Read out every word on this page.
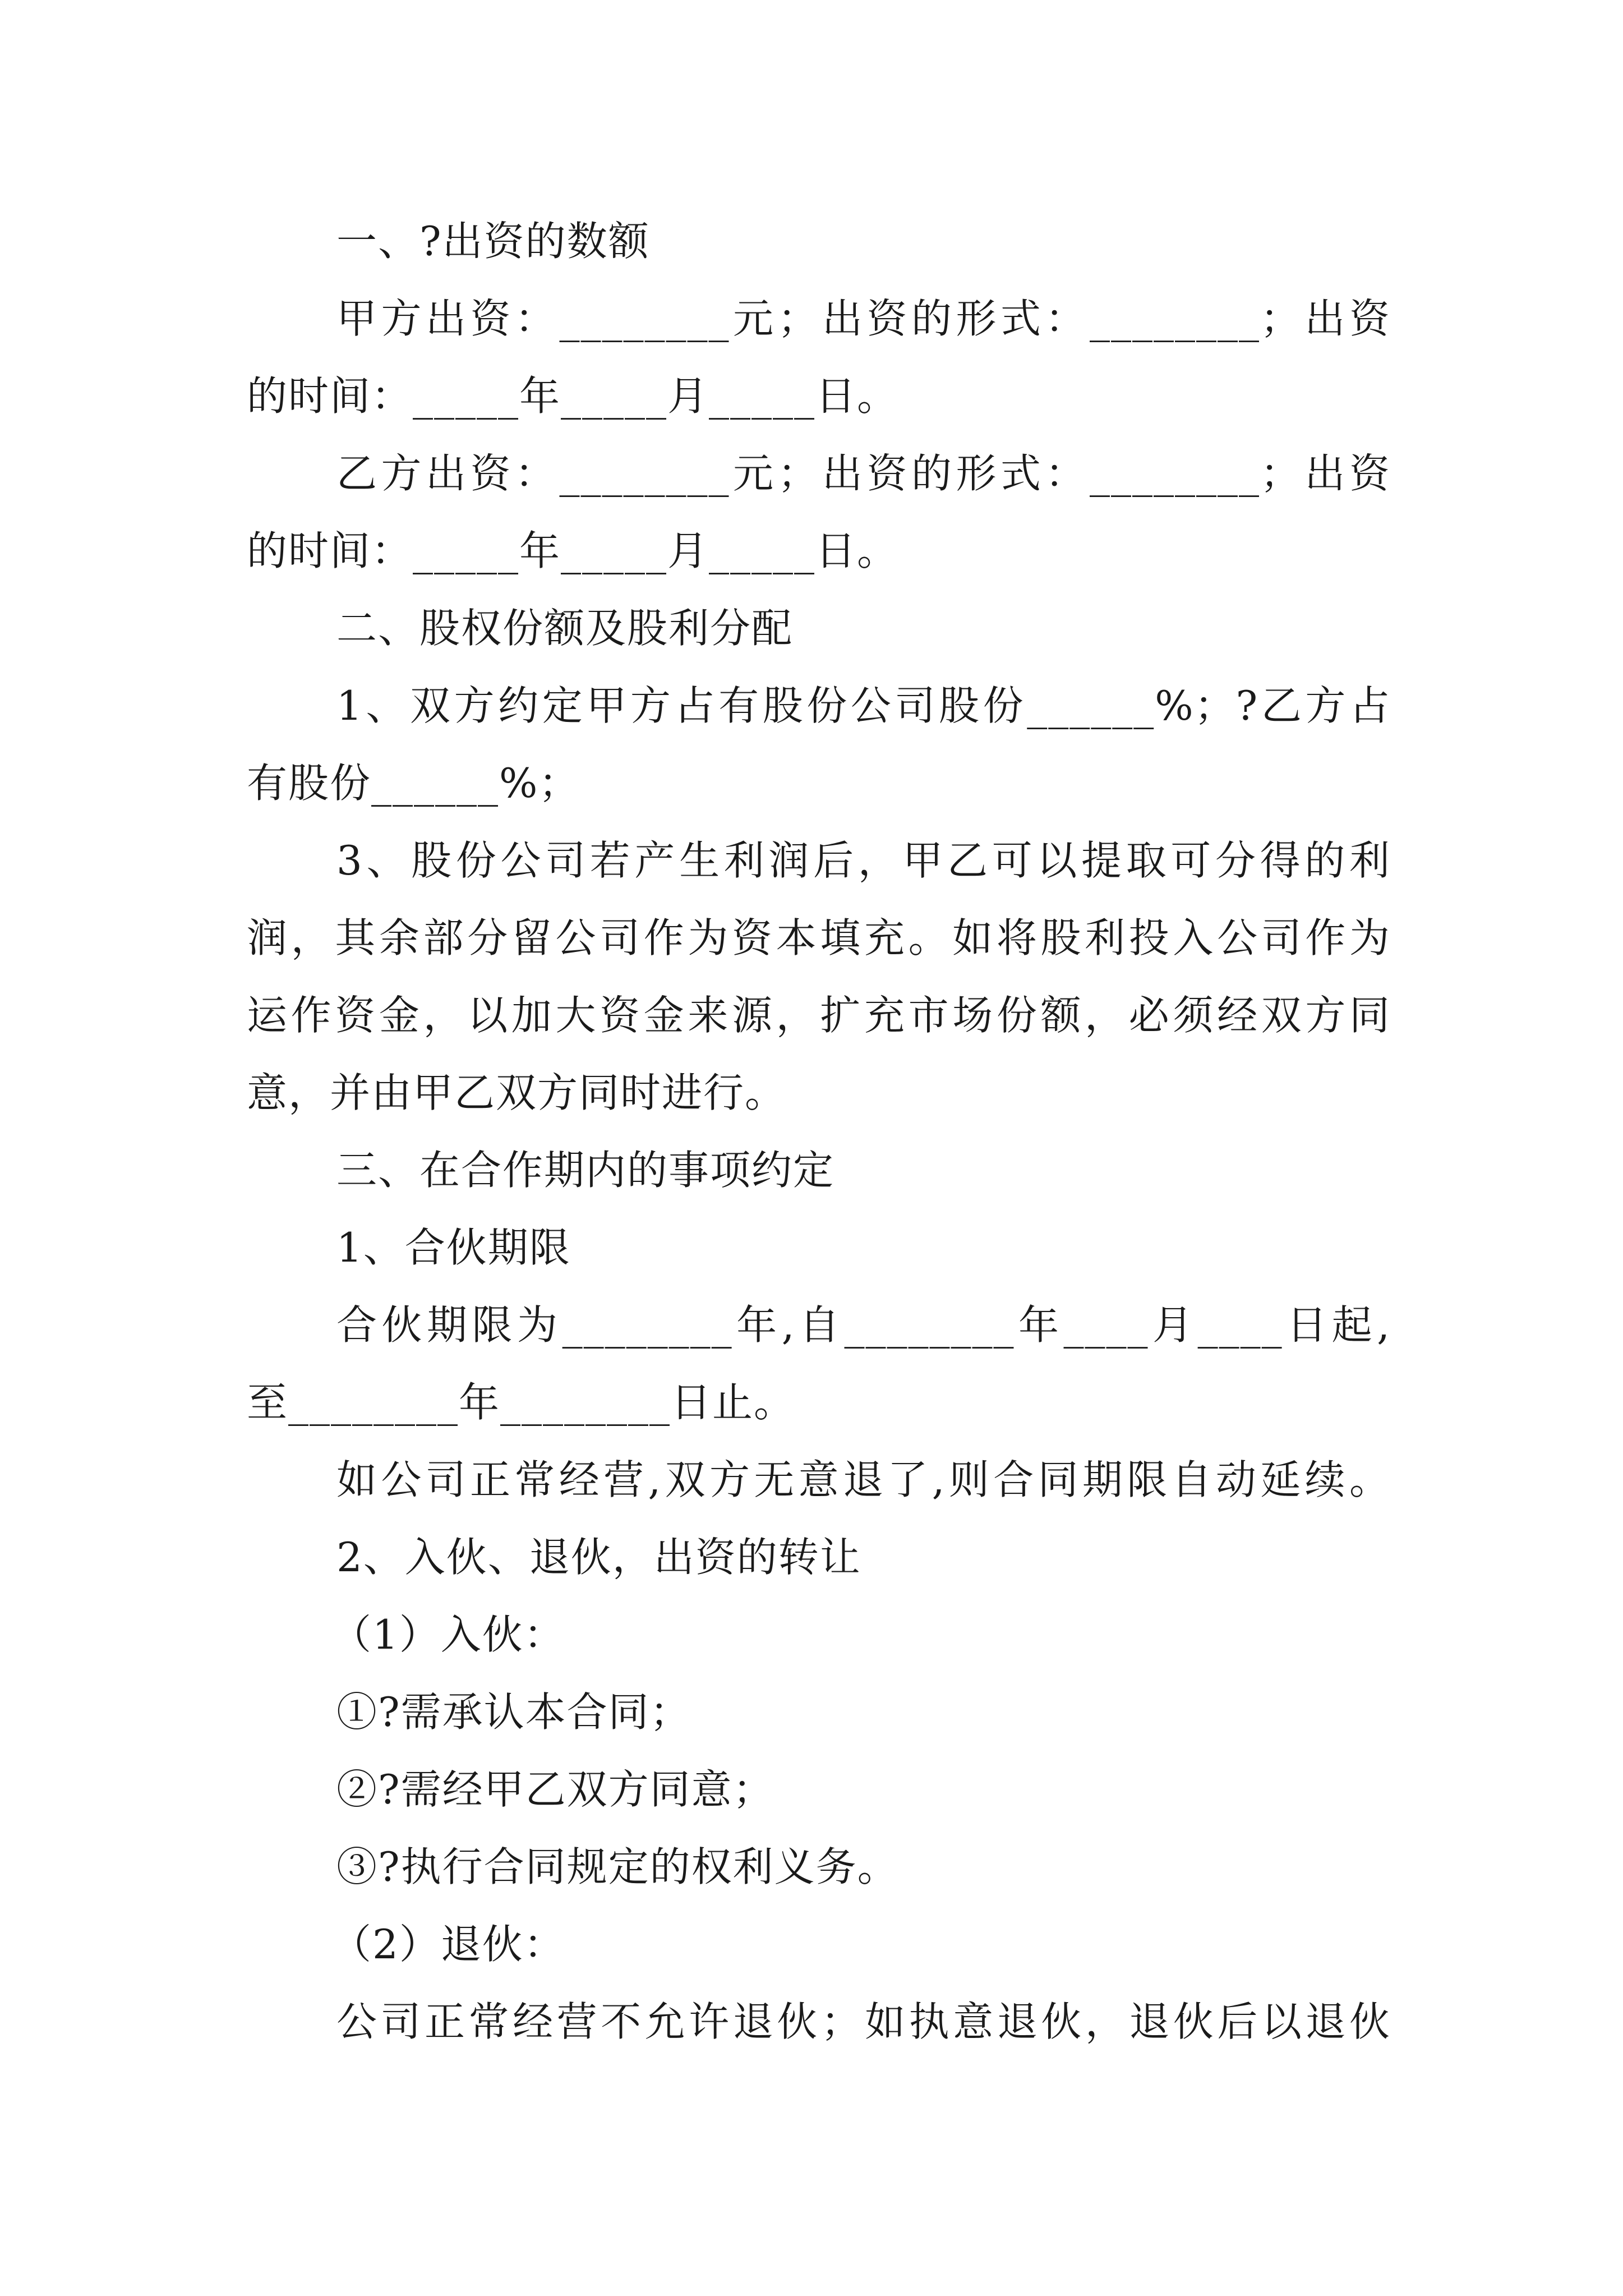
一、?出资的数额
甲方出资：________元；出资的形式：________；出资
的时间：_____年_____月_____日。
乙方出资：________元；出资的形式：________；出资
的时间：_____年_____月_____日。
二、股权份额及股利分配
1、双方约定甲方占有股份公司股份______%；?乙方占
有股份______%；
3、股份公司若产生利润后，甲乙可以提取可分得的利
润，其余部分留公司作为资本填充。如将股利投入公司作为
运作资金，以加大资金来源，扩充市场份额，必须经双方同
意，并由甲乙双方同时进行。
三、在合作期内的事项约定
1、合伙期限
合伙期限为________年,自________年____月____日起,
至________年________日止。
如公司正常经营,双方无意退了,则合同期限自动延续。
2、入伙、退伙，出资的转让
（1）入伙：
①?需承认本合同；
②?需经甲乙双方同意；
③?执行合同规定的权利义务。
（2）退伙：
公司正常经营不允许退伙；如执意退伙，退伙后以退伙
